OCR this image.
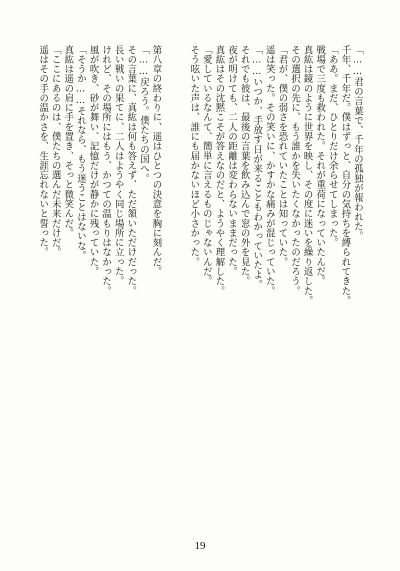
「……君の言葉で、千年の孤独が報われた。
千年、千年だ。僕はずっと、自分の気持ちを縛られてきた。
「ああ。まだ、ひとりだけ余らせてしまった。
戦場で三度も救われた。それが重荷になっていたんだ。
真紘は鏡のように世界を映し、その度に迷いを繰り返した。
その選択の先に、もう誰かを失いたくなかったのだろう。
「君が、僕の弱さを恐れていたことは知っていた。
遥は笑った。その笑いに、かすかな痛みが混じっていた。
「……いつか、手放す日が来ることもわかっていたよ。
それでも彼は、最後の言葉を飲み込んで窓の外を見た。
夜が明けても、二人の距離は変わらないままだった。
真紘はその沈黙こそが答えなのだと、ようやく理解した。
「愛しているなんて、簡単に言えるものじゃないんだ。
そう呟いた声は、誰にも届かないほど小さかった。

第八章の終わりに、遥はひとつの決意を胸に刻んだ。
「……戻ろう。僕たちの国へ。
その言葉に、真紘は何も答えず、ただ頷いただけだった。
長い戦いの果てに、二人はようやく同じ場所に立った。
けれど、その場所にはもう、かつての温もりはなかった。
風が吹き、砂が舞い、記憶だけが静かに残っていた。
「そうか……それなら、もう迷うことはないな。
真紘は遥の肩に手を置き、そっと微笑んだ。
「ここにあるのは、僕たちの選んだ未来だけだ。
遥はその手の温かさを、生涯忘れないと誓った。
19
